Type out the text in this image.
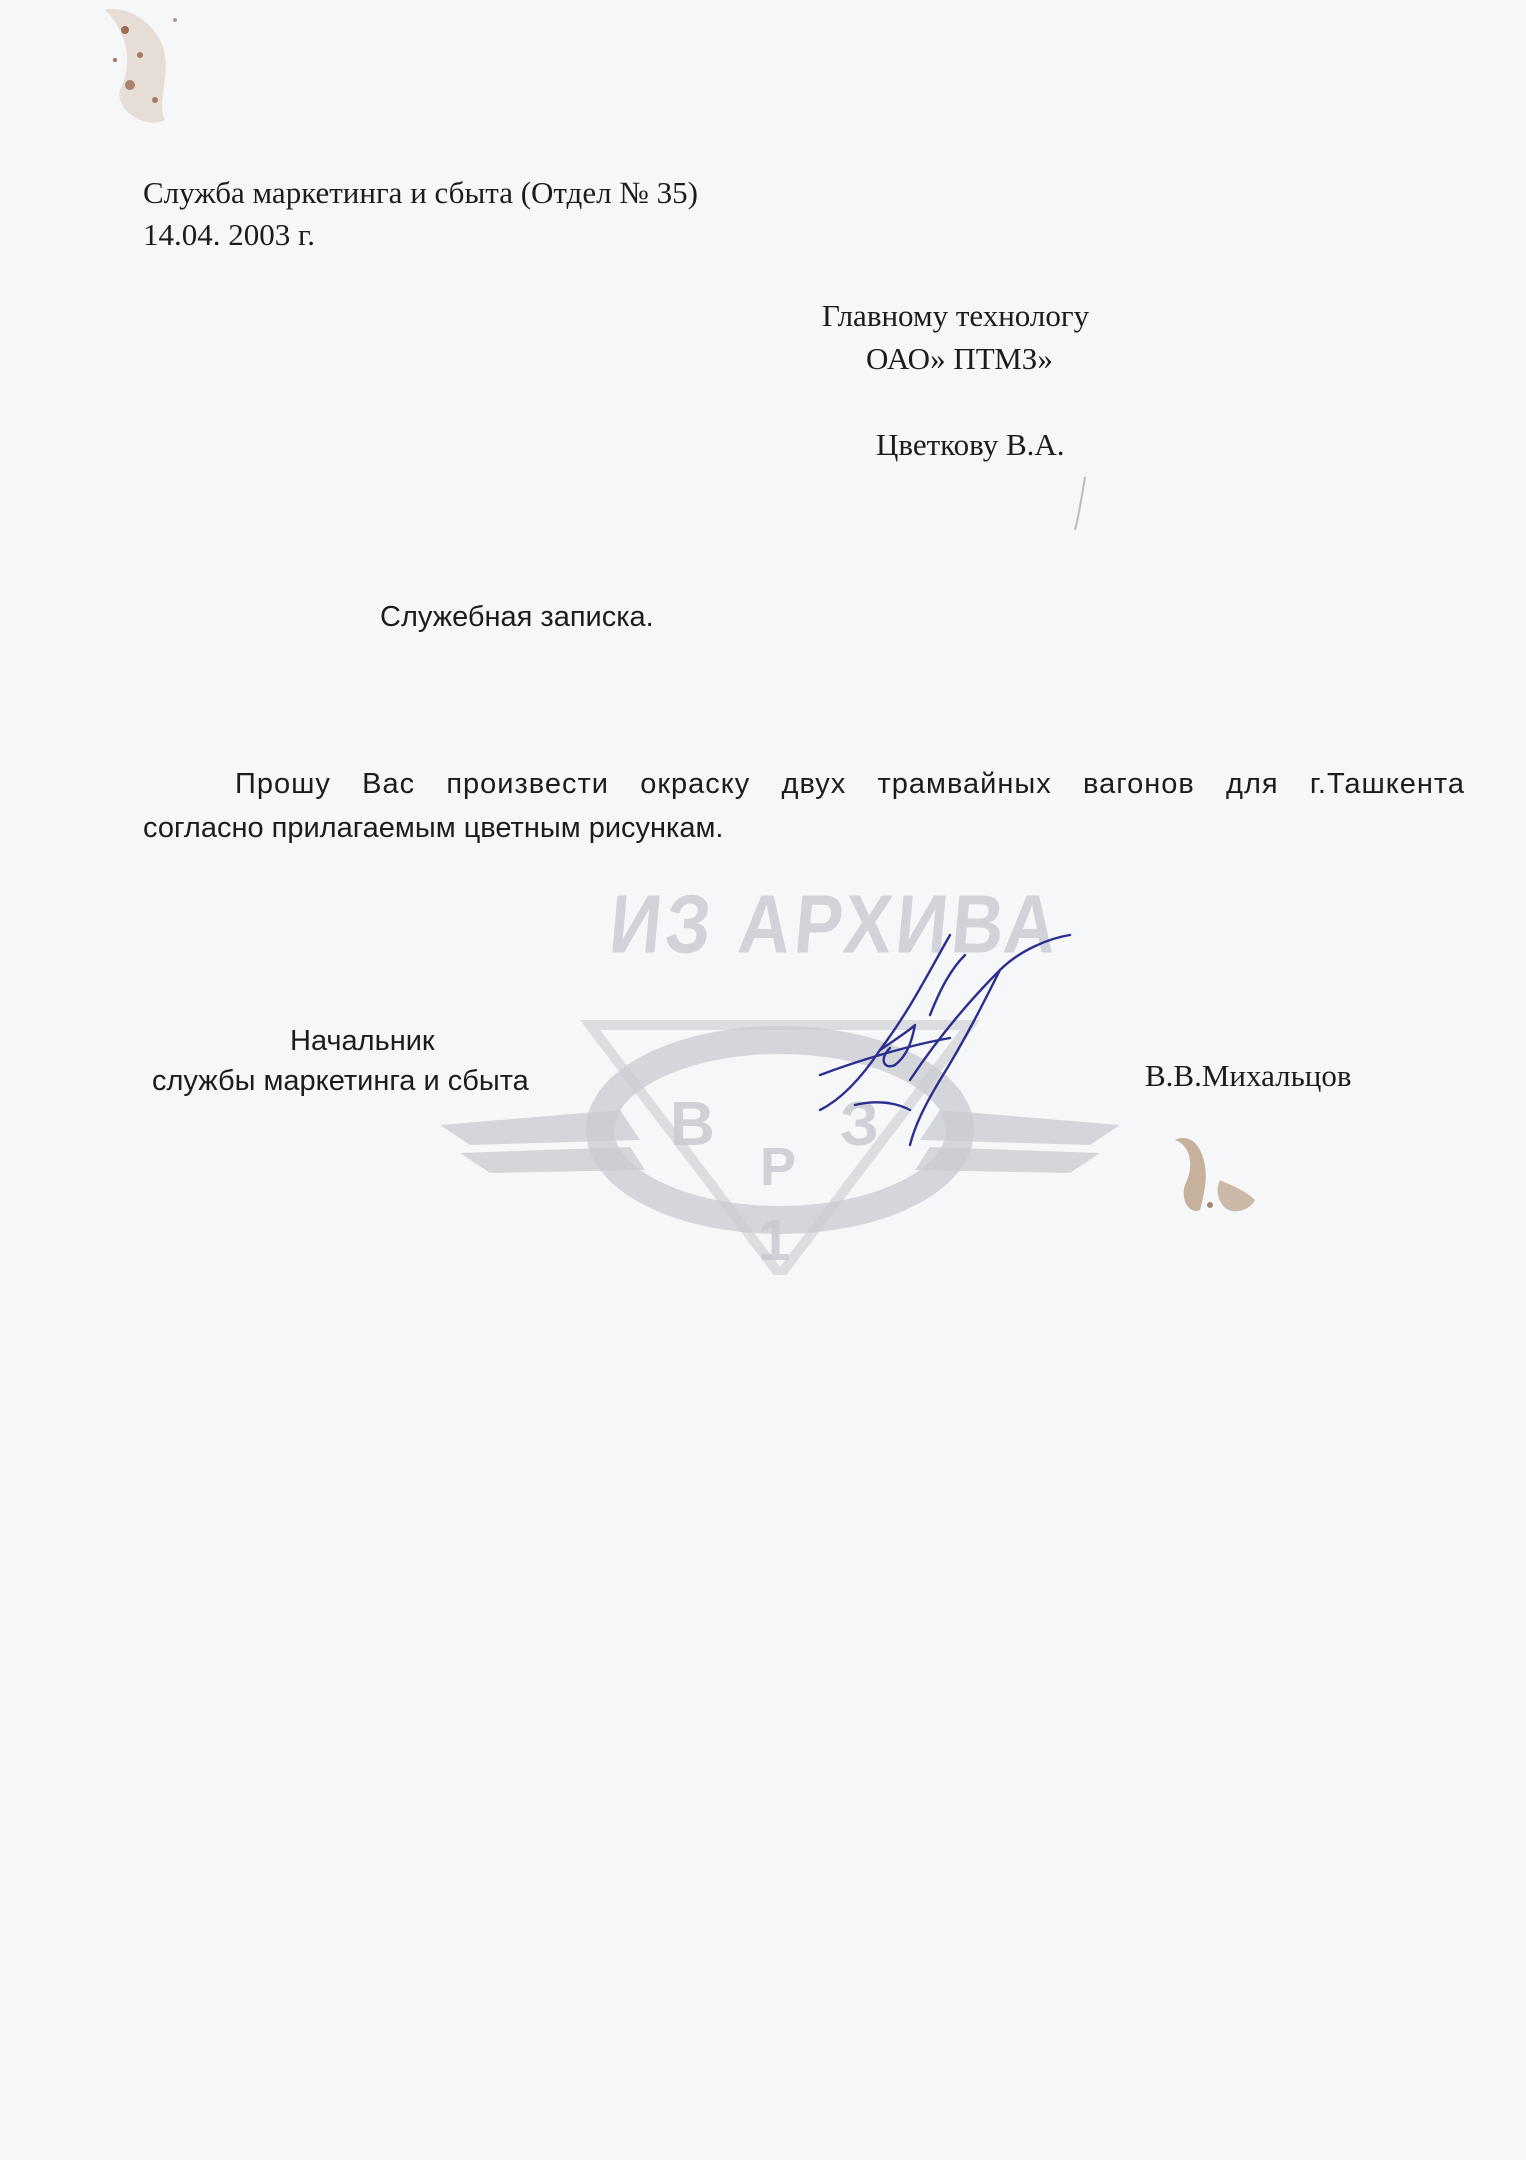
В
Р
З
1
ИЗ АРХИВА
Служба маркетинга и сбыта (Отдел № 35)
14.04. 2003 г.
Главному технологу
ОАО» ПТМЗ»
Цветкову В.А.
Служебная записка.
Прошу Вас произвести окраску двух трамвайных вагонов для г.Ташкента
согласно прилагаемым цветным рисункам.
Начальник
службы маркетинга и сбыта	В.В.Михальцов
